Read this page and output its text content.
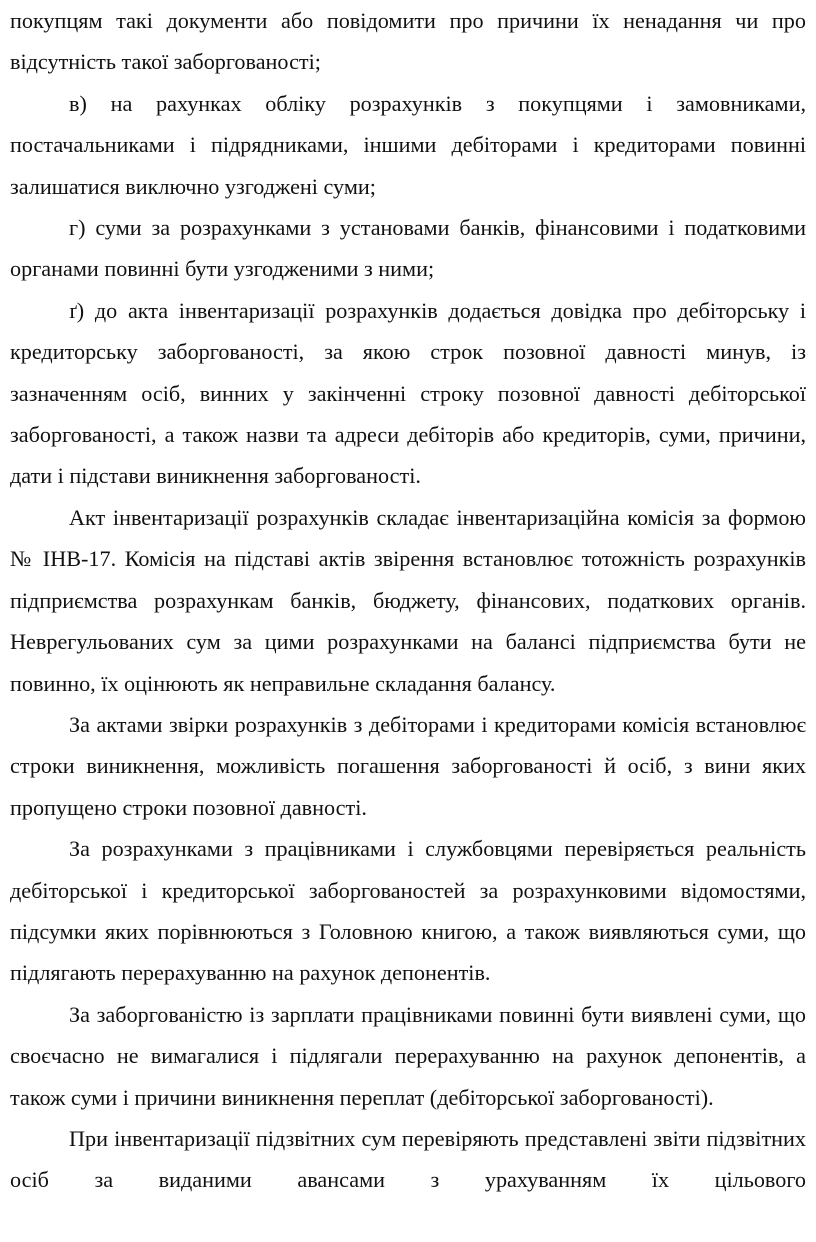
покупцям такі документи або повідомити про причини їх ненадання чи про відсутність такої заборгованості;

в) на рахунках обліку розрахунків з покупцями і замовниками, постачальниками і підрядниками, іншими дебіторами і кредиторами повинні залишатися виключно узгоджені суми;

г) суми за розрахунками з установами банків, фінансовими і податковими органами повинні бути узгодженими з ними;

ґ) до акта інвентаризації розрахунків додається довідка про дебіторську і кредиторську заборгованості, за якою строк позовної давності минув, із зазначенням осіб, винних у закінченні строку позовної давності дебіторської заборгованості, а також назви та адреси дебіторів або кредиторів, суми, причини, дати і підстави виникнення заборгованості.

Акт інвентаризації розрахунків складає інвентаризаційна комісія за формою № ІНВ-17. Комісія на підставі актів звірення встановлює тотожність розрахунків підприємства розрахункам банків, бюджету, фінансових, податкових органів. Неврегульованих сум за цими розрахунками на балансі підприємства бути не повинно, їх оцінюють як неправильне складання балансу.

За актами звірки розрахунків з дебіторами і кредиторами комісія встановлює строки виникнення, можливість погашення заборгованості й осіб, з вини яких пропущено строки позовної давності.

За розрахунками з працівниками і службовцями перевіряється реальність дебіторської і кредиторської заборгованостей за розрахунковими відомостями, підсумки яких порівнюються з Головною книгою, а також виявляються суми, що підлягають перерахуванню на рахунок депонентів.

За заборгованістю із зарплати працівниками повинні бути виявлені суми, що своєчасно не вимагалися і підлягали перерахуванню на рахунок депонентів, а також суми і причини виникнення переплат (дебіторської заборгованості).

При інвентаризації підзвітних сум перевіряють представлені звіти підзвітних осіб за виданими авансами з урахуванням їх цільового
